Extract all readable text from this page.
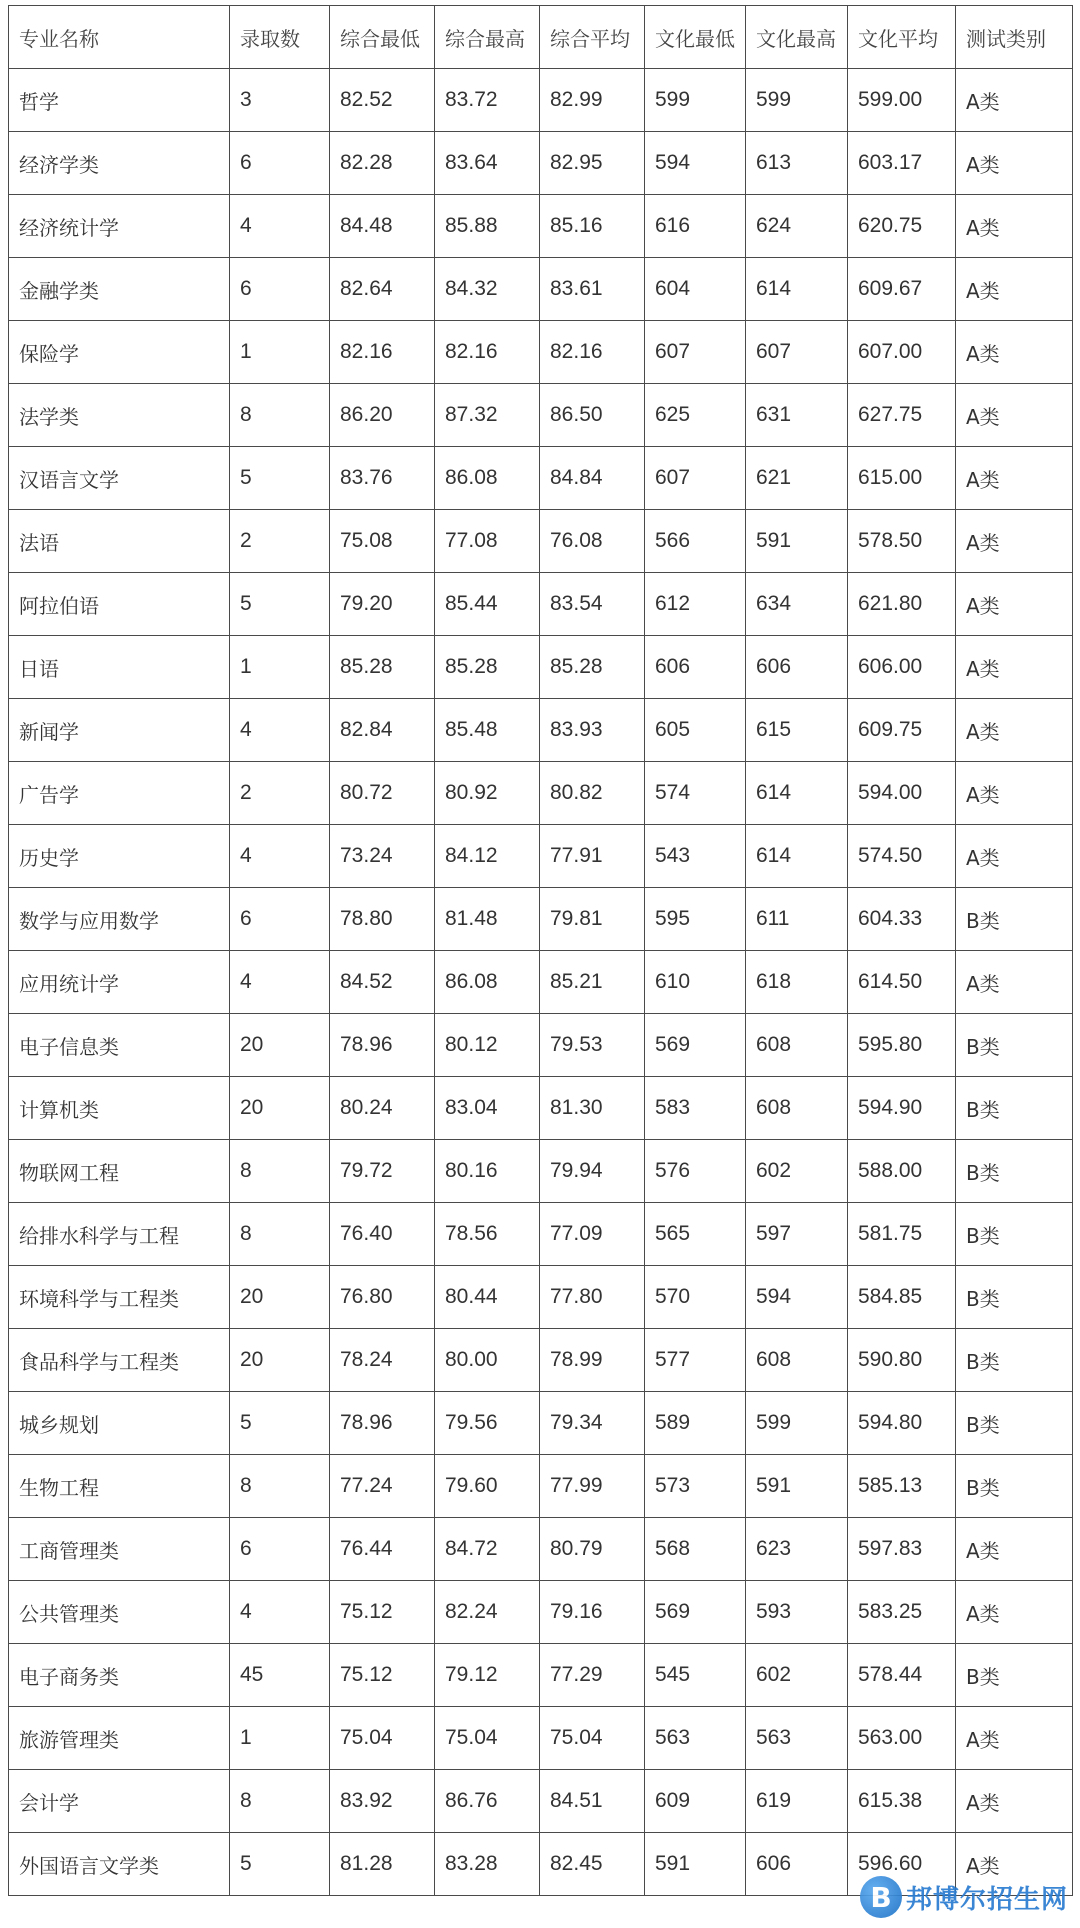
专业名称	录取数	综合最低	综合最高	综合平均	文化最低	文化最高	文化平均	测试类别
哲学	3	82.52	83.72	82.99	599	599	599.00	A类
经济学类	6	82.28	83.64	82.95	594	613	603.17	A类
经济统计学	4	84.48	85.88	85.16	616	624	620.75	A类
金融学类	6	82.64	84.32	83.61	604	614	609.67	A类
保险学	1	82.16	82.16	82.16	607	607	607.00	A类
法学类	8	86.20	87.32	86.50	625	631	627.75	A类
汉语言文学	5	83.76	86.08	84.84	607	621	615.00	A类
法语	2	75.08	77.08	76.08	566	591	578.50	A类
阿拉伯语	5	79.20	85.44	83.54	612	634	621.80	A类
日语	1	85.28	85.28	85.28	606	606	606.00	A类
新闻学	4	82.84	85.48	83.93	605	615	609.75	A类
广告学	2	80.72	80.92	80.82	574	614	594.00	A类
历史学	4	73.24	84.12	77.91	543	614	574.50	A类
数学与应用数学	6	78.80	81.48	79.81	595	611	604.33	B类
应用统计学	4	84.52	86.08	85.21	610	618	614.50	A类
电子信息类	20	78.96	80.12	79.53	569	608	595.80	B类
计算机类	20	80.24	83.04	81.30	583	608	594.90	B类
物联网工程	8	79.72	80.16	79.94	576	602	588.00	B类
给排水科学与工程	8	76.40	78.56	77.09	565	597	581.75	B类
环境科学与工程类	20	76.80	80.44	77.80	570	594	584.85	B类
食品科学与工程类	20	78.24	80.00	78.99	577	608	590.80	B类
城乡规划	5	78.96	79.56	79.34	589	599	594.80	B类
生物工程	8	77.24	79.60	77.99	573	591	585.13	B类
工商管理类	6	76.44	84.72	80.79	568	623	597.83	A类
公共管理类	4	75.12	82.24	79.16	569	593	583.25	A类
电子商务类	45	75.12	79.12	77.29	545	602	578.44	B类
旅游管理类	1	75.04	75.04	75.04	563	563	563.00	A类
会计学	8	83.92	86.76	84.51	609	619	615.38	A类
外国语言文学类	5	81.28	83.28	82.45	591	606	596.60	A类
B 邦博尔招生网
